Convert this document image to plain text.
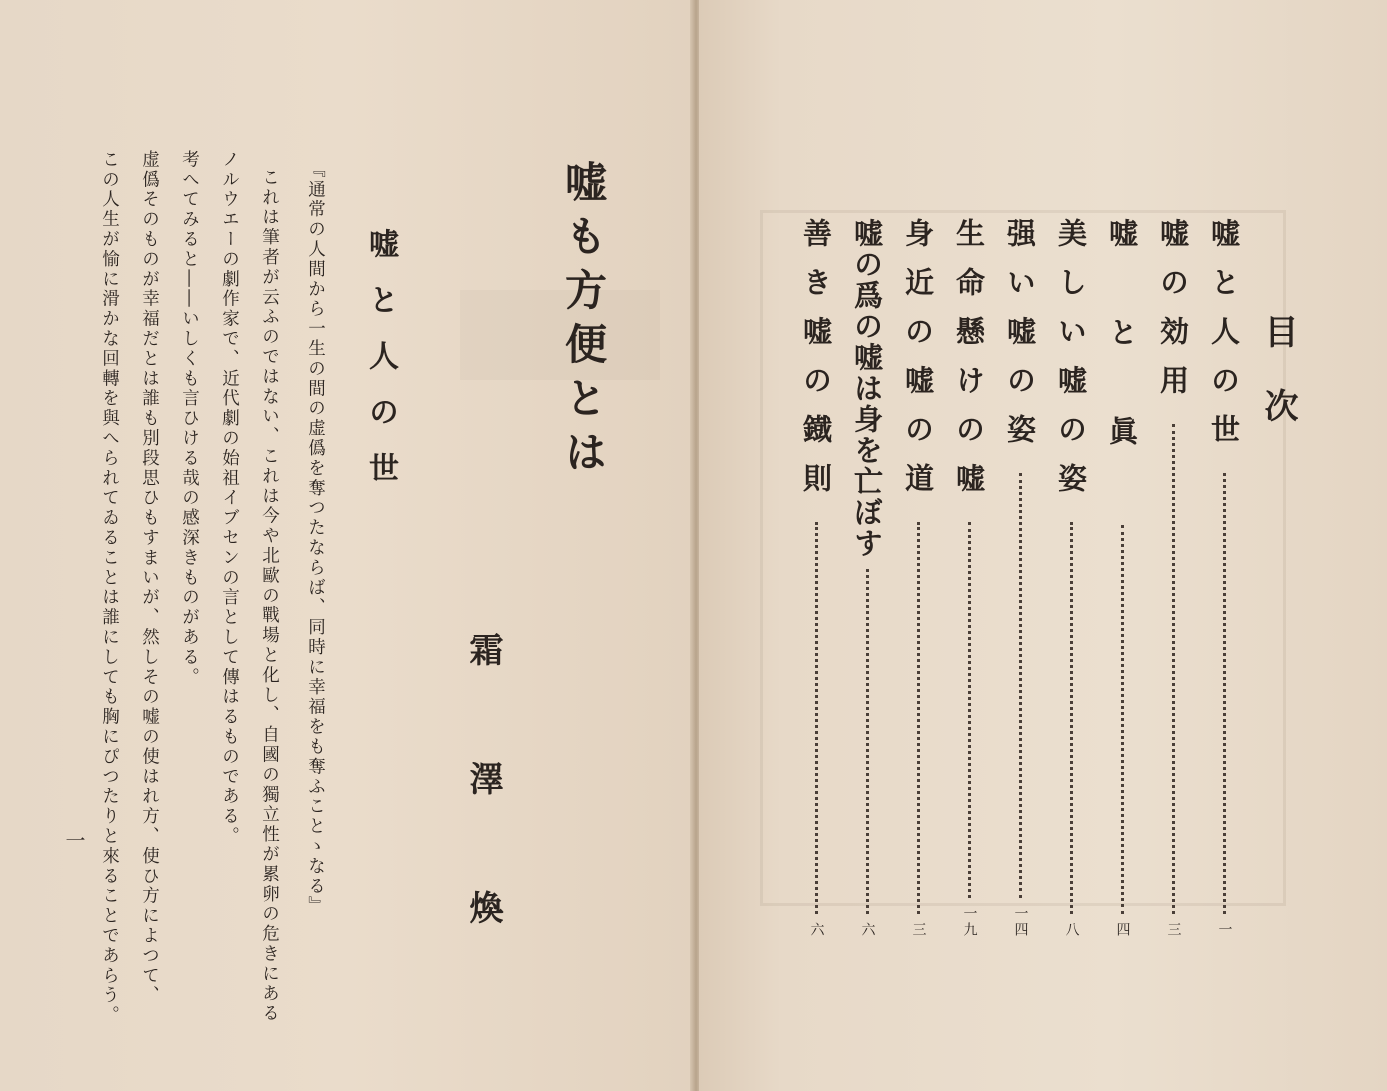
嘘も方便とは
嘘と人の世
霜澤煥
『通常の人間から一生の間の虚僞を奪つたならば、同時に幸福をも奪ふことゝなる』
これは筆者が云ふのではない、これは今や北歐の戰場と化し、自國の獨立性が累卵の危きにある
ノルウエーの劇作家で、近代劇の始祖イブセンの言として傳はるものである。
考へてみると――いしくも言ひける哉の感深きものがある。
虚僞そのものが幸福だとは誰も別段思ひもすまいが、然しその嘘の使はれ方、使ひ方によつて、
この人生が愉に滑かな回轉を與へられてゐることは誰にしても胸にぴつたりと來ることであらう。
一
目次
嘘と人の世
一
嘘の効用
三
嘘と眞
四
美しい嘘の姿
八
强い嘘の姿
一四
生命懸けの嘘
一九
身近の嘘の道
三
嘘の爲の嘘は身を亡ぼす
六
善き嘘の鐡則
六
